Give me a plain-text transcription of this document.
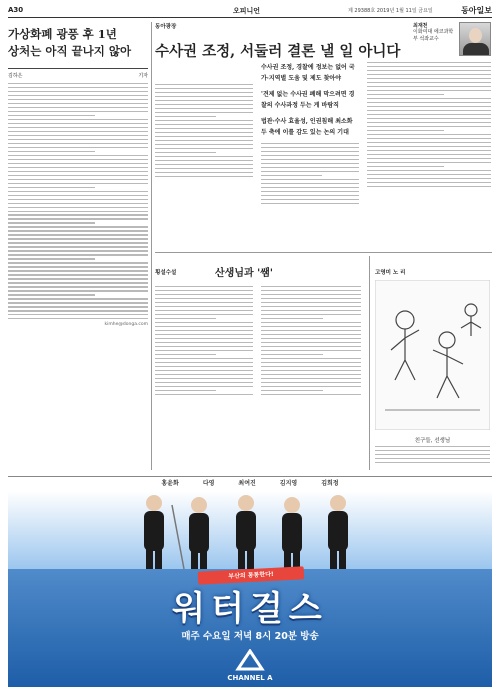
A30	오피니언	제 29388호 2019년 1월 11일 금요일	동아일보
가상화폐 광풍 후 1년
상처는 아직 끝나지 않아
김하은	기자
kimhe@donga.com
동아광장	최재천
이화여대 에코과학부 석좌교수
수사권 조정, 서둘러 결론 낼 일 아니다

수사권 조정, 경찰에 정보는 없어 국가·지역별 도움 및 제도 찾아야

'견제 없는 수사권 폐해 막으려면 경찰의 수사과정 두는 게 바람직

법관·수사 효율성, 인권침해 최소화 두 축에 이를 감도 있는 논의 기대

횡설수설	산생님과 '쌤'	고영미 노 리
친구들, 선생님
홍윤화	다영	최여진	김지영	김희정
부산의 통통한다!
워터걸스
매주 수요일 저녁 8시 20분 방송
CHANNEL A
